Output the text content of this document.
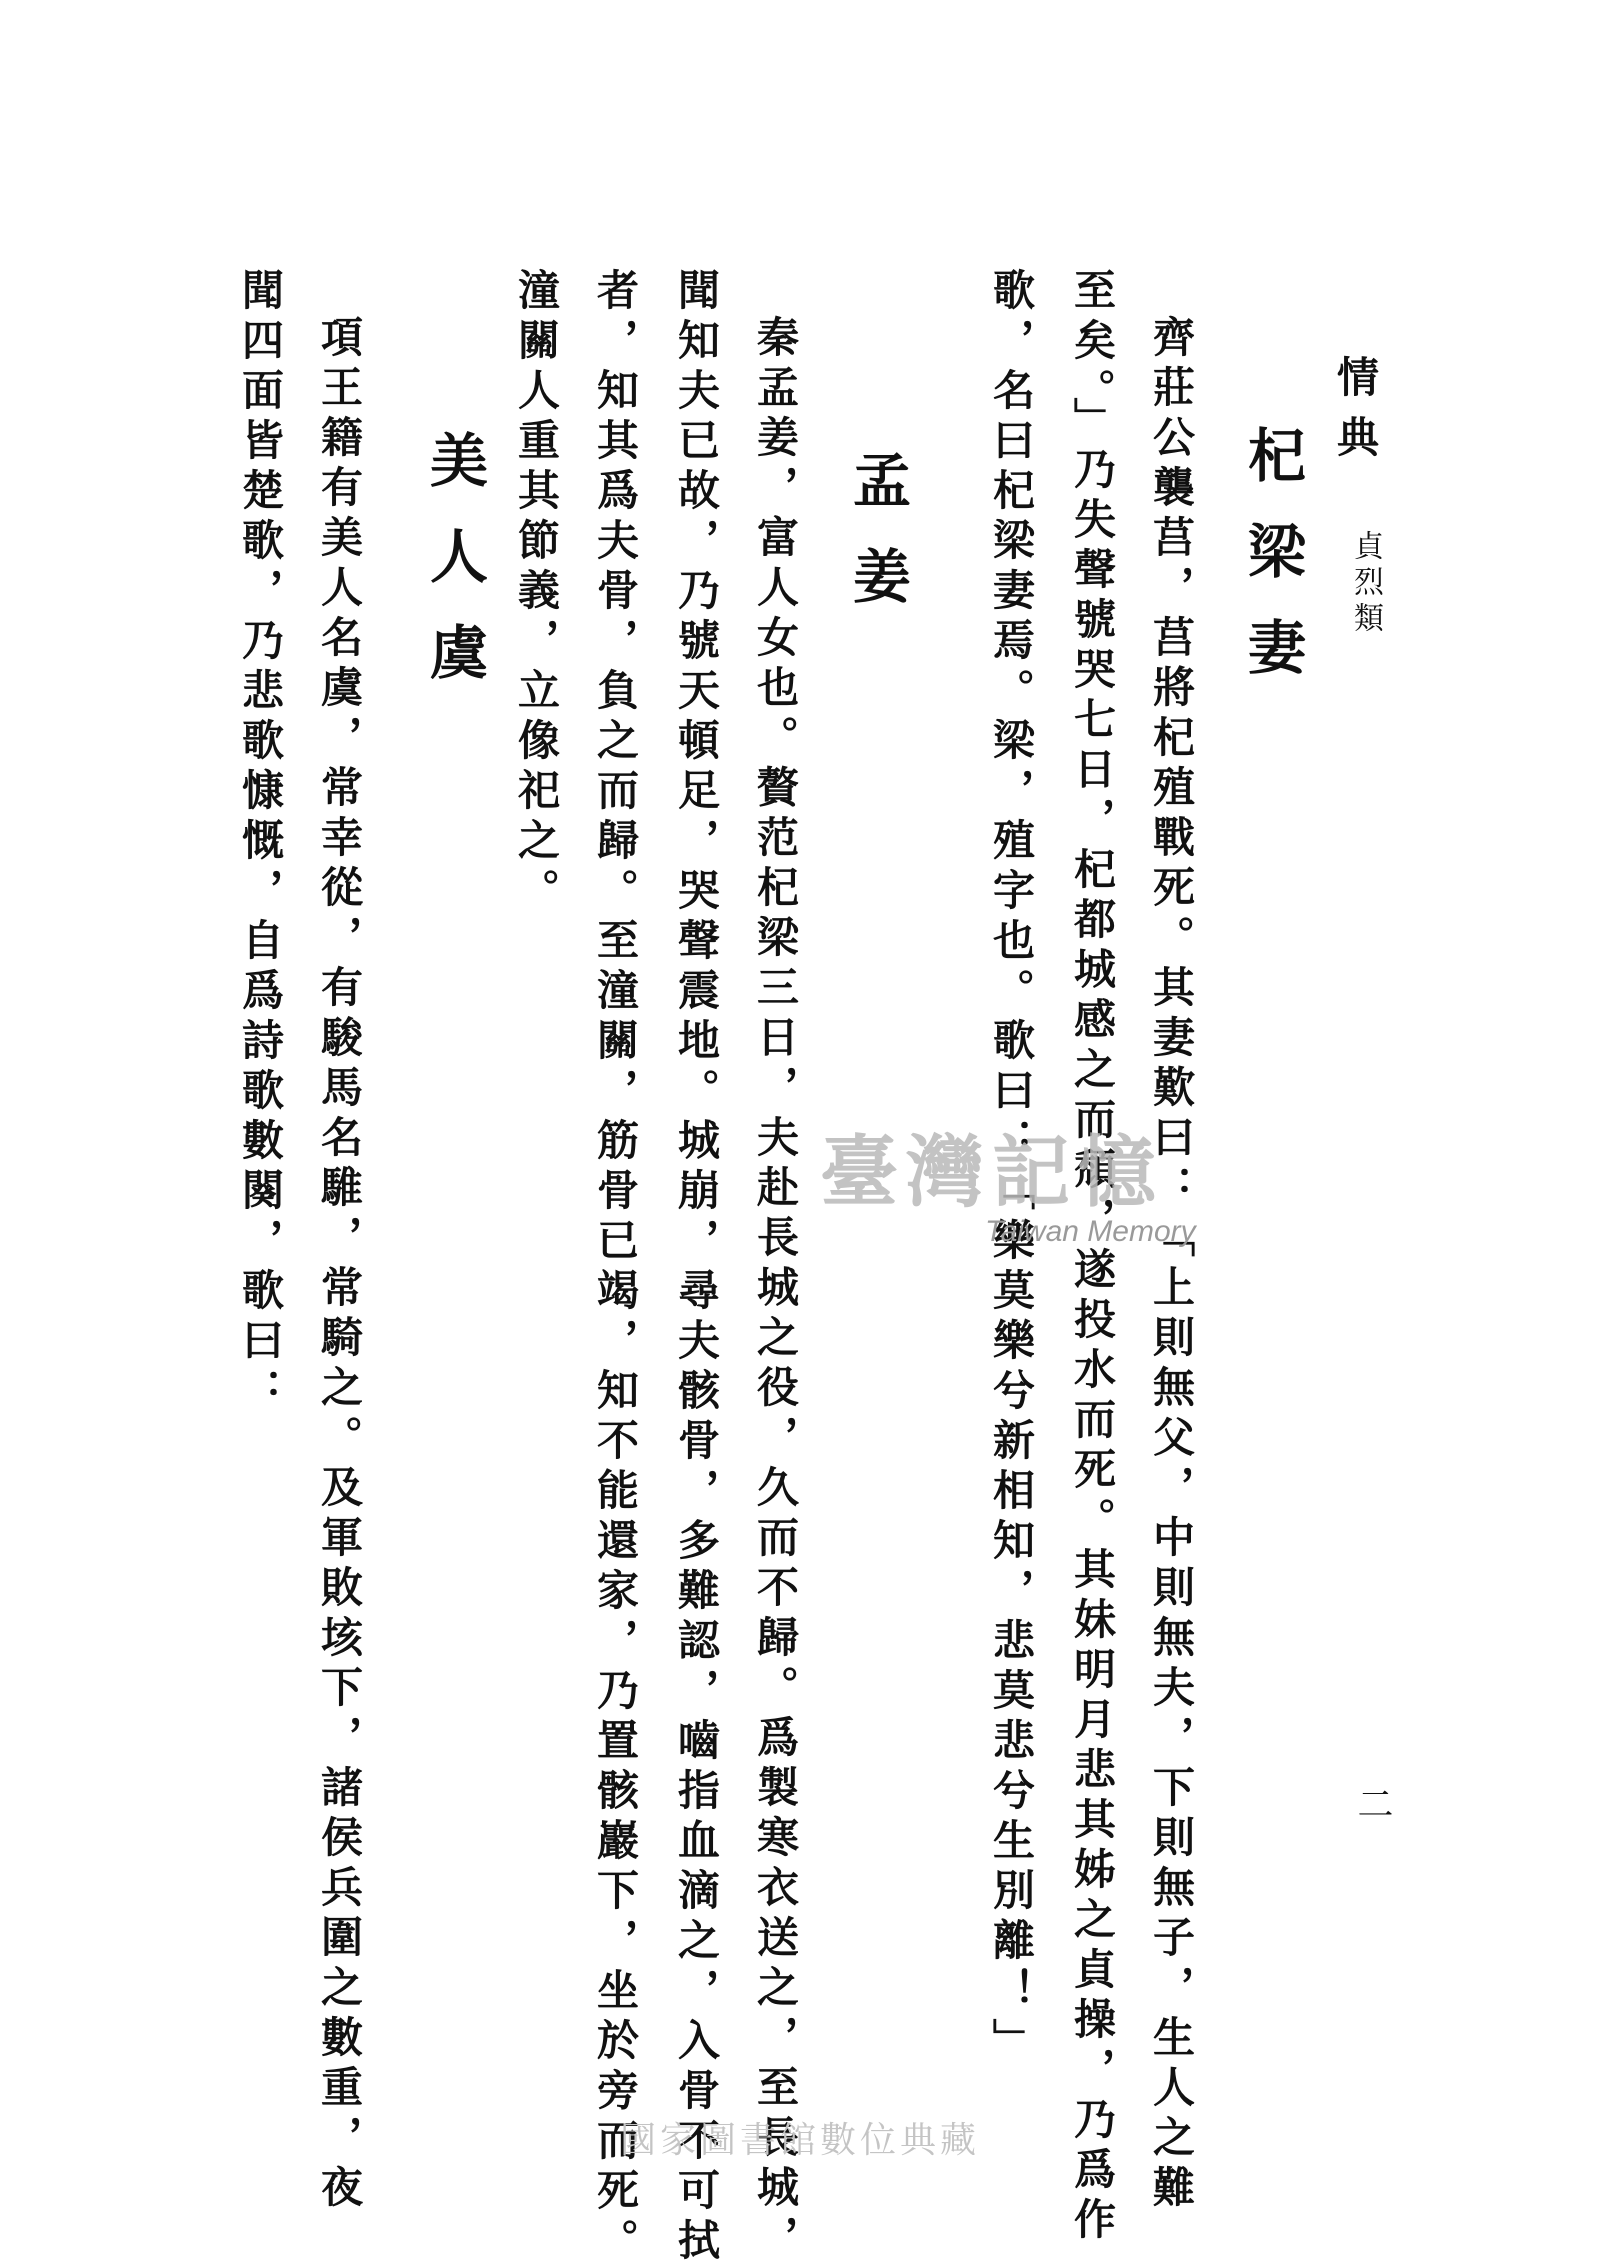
情典
貞烈類
二
杞梁妻
齊莊公襲莒，莒將杞殖戰死。其妻歎曰：「上則無父，中則無夫，下則無子，生人之難
至矣。」乃失聲號哭七日，杞都城感之而頹，遂投水而死。其妹明月悲其姊之貞操，乃爲作
歌，名曰杞梁妻焉。梁，殖字也。歌曰：「樂莫樂兮新相知，悲莫悲兮生別離！」
孟姜
秦孟姜，富人女也。贅范杞梁三日，夫赴長城之役，久而不歸。爲製寒衣送之，至長城，
聞知夫已故，乃號天頓足，哭聲震地。城崩，尋夫骸骨，多難認，嚙指血滴之，入骨不可拭
者，知其爲夫骨，負之而歸。至潼關，筋骨已竭，知不能還家，乃置骸巖下，坐於旁而死。
潼關人重其節義，立像祀之。
美人虞
項王籍有美人名虞，常幸從，有駿馬名騅，常騎之。及軍敗垓下，諸侯兵圍之數重，夜
聞四面皆楚歌，乃悲歌慷慨，自爲詩歌數闋，歌曰：	臺灣記憶
Taiwan Memory
國家圖書館數位典藏
